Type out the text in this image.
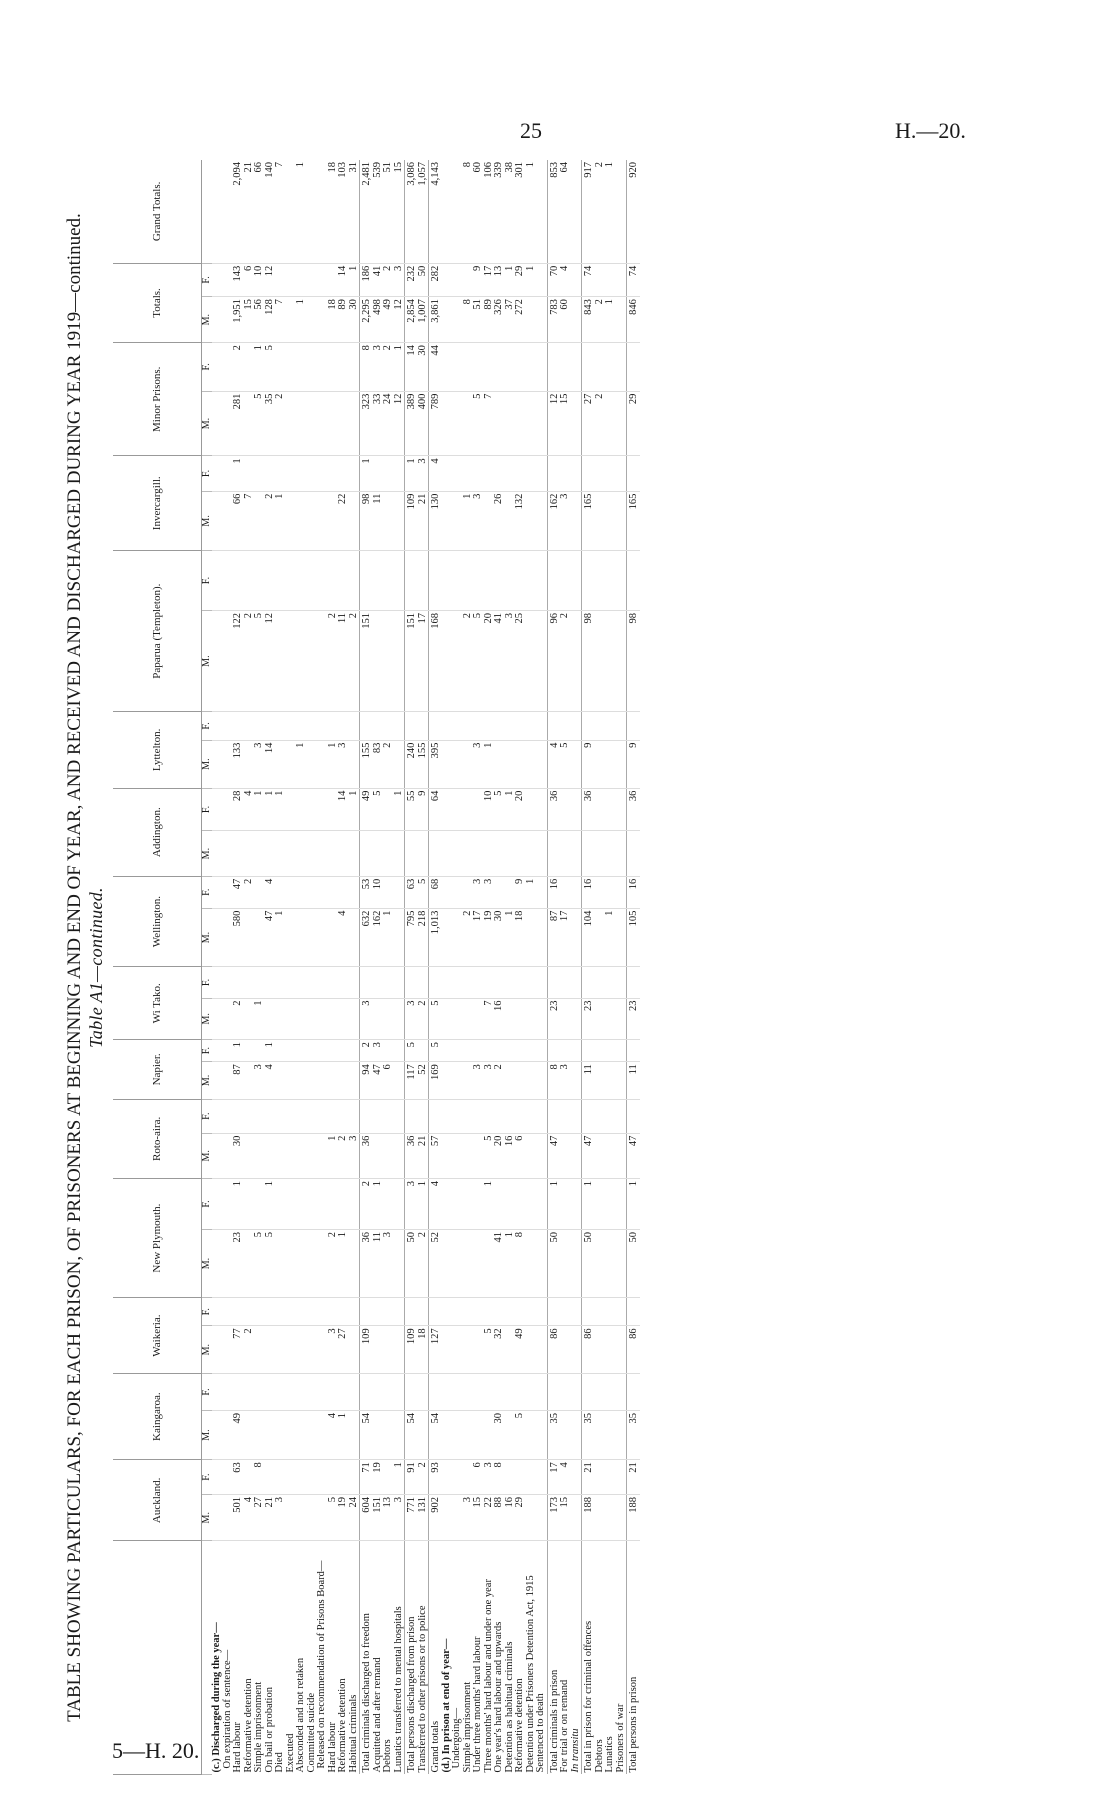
25	H.—20.
TABLE SHOWING PARTICULARS, FOR EACH PRISON, OF PRISONERS AT BEGINNING AND END OF YEAR, AND RECEIVED AND DISCHARGED DURING YEAR 1919—continued. Table A1—continued.
	Auckland.		Kaingaroa.		Waikeria.		New Plymouth.		Roto-aira.		Napier.		Wi Tako.		Wellington.		Addington.		Lyttelton.		Paparua (Templeton).		Invercargill.		Minor Prisons.		Totals.		Grand Totals.
	M.	F.	M.	F.	M.	F.	M.	F.	M.	F.	M.	F.	M.	F.	M.	F.	M.	F.	M.	F.	M.	F.	M.	F.	M.	F.	M.	F.	
(c.) Discharged during the year—																													
On expiration of sentence—																													
Hard labour	501	63	49		77		23	1	30		87	1	2		580	47		28	133		122		66	1	281	2	1,951	143	2,094
Reformative detention	4				2											2		4			2		7				15	6	21
Simple imprisonment	27	8					5				3		1					1	3		5				5	1	56	10	66
On bail or probation	21						5	1			4	1			47	4		1	14		12		2		35	5	128	12	140
Died	3														1			1					1		2		7		7
Executed																													
Absconded and not retaken																			1								1		1
Committed suicide																													
Released on recommendation of Prisons Board—																													
Hard labour	5		4		3		2		1										1		2						18		18
Reformative detention	19		1		27		1		2						4			14	3		11		22				89	14	103
Habitual criminals	24								3									1			2						30	1	31
Total criminals discharged to freedom	604	71	54		109		36	2	36		94	2	3		632	53		49	155		151		98	1	323	8	2,295	186	2,481
Acquitted and after remand	151	19					11	1			47	3			162	10		5	83				11		33	3	498	41	539
Debtors	13						3				6				1				2						24	2	49	2	51
Lunatics transferred to mental hospitals	3	1																1							12	1	12	3	15
Total persons discharged from prison	771	91	54		109		50	3	36		117	5	3		795	63		55	240		151		109	1	389	14	2,854	232	3,086
Transferred to other prisons or to police	131	2			18		2	1	21		52		2		218	5		9	155		17		21	3	400	30	1,007	50	1,057
Grand totals	902	93	54		127		52	4	57		169	5	5		1,013	68		64	395		168		130	4	789	44	3,861	282	4,143
(d.) In prison at end of year—																													
Undergoing—																													
Simple imprisonment	3														2						2		1				8		8
Under three months' hard labour	15	6									3				17	3			3		5		3		5		51	9	60
Three months' hard labour and under one year	22	3			5			1	5		3		7		19	3		10	1		20				7		89	17	106
One year's hard labour and upwards	88	8	30		32		41		20		2		16		30			5			41		26				326	13	339
Detention as habitual criminals	16						1		16						1			1			3						37	1	38
Reformative detention	29		5		49		8		6						18	9		20			25		132				272	29	301
Detention under Prisoners Detention Act, 1915																1												1	1
Sentenced to death																													
Total criminals in prison	173	17	35		86		50	1	47		8		23		87	16		36	4		96		162		12		783	70	853
For trial or on remand	15	4									3				17				5		2		3		15		60	4	64
In transitu																													
Total in prison for criminal offences	188	21	35		86		50	1	47		11		23		104	16		36	9		98		165		27		843	74	917
Debtors																									2		2		2
Lunatics															1												1		1
Prisoners of war																													
Total persons in prison	188	21	35		86		50	1	47		11		23		105	16		36	9		98		165		29		846	74	920
5—H. 20.
